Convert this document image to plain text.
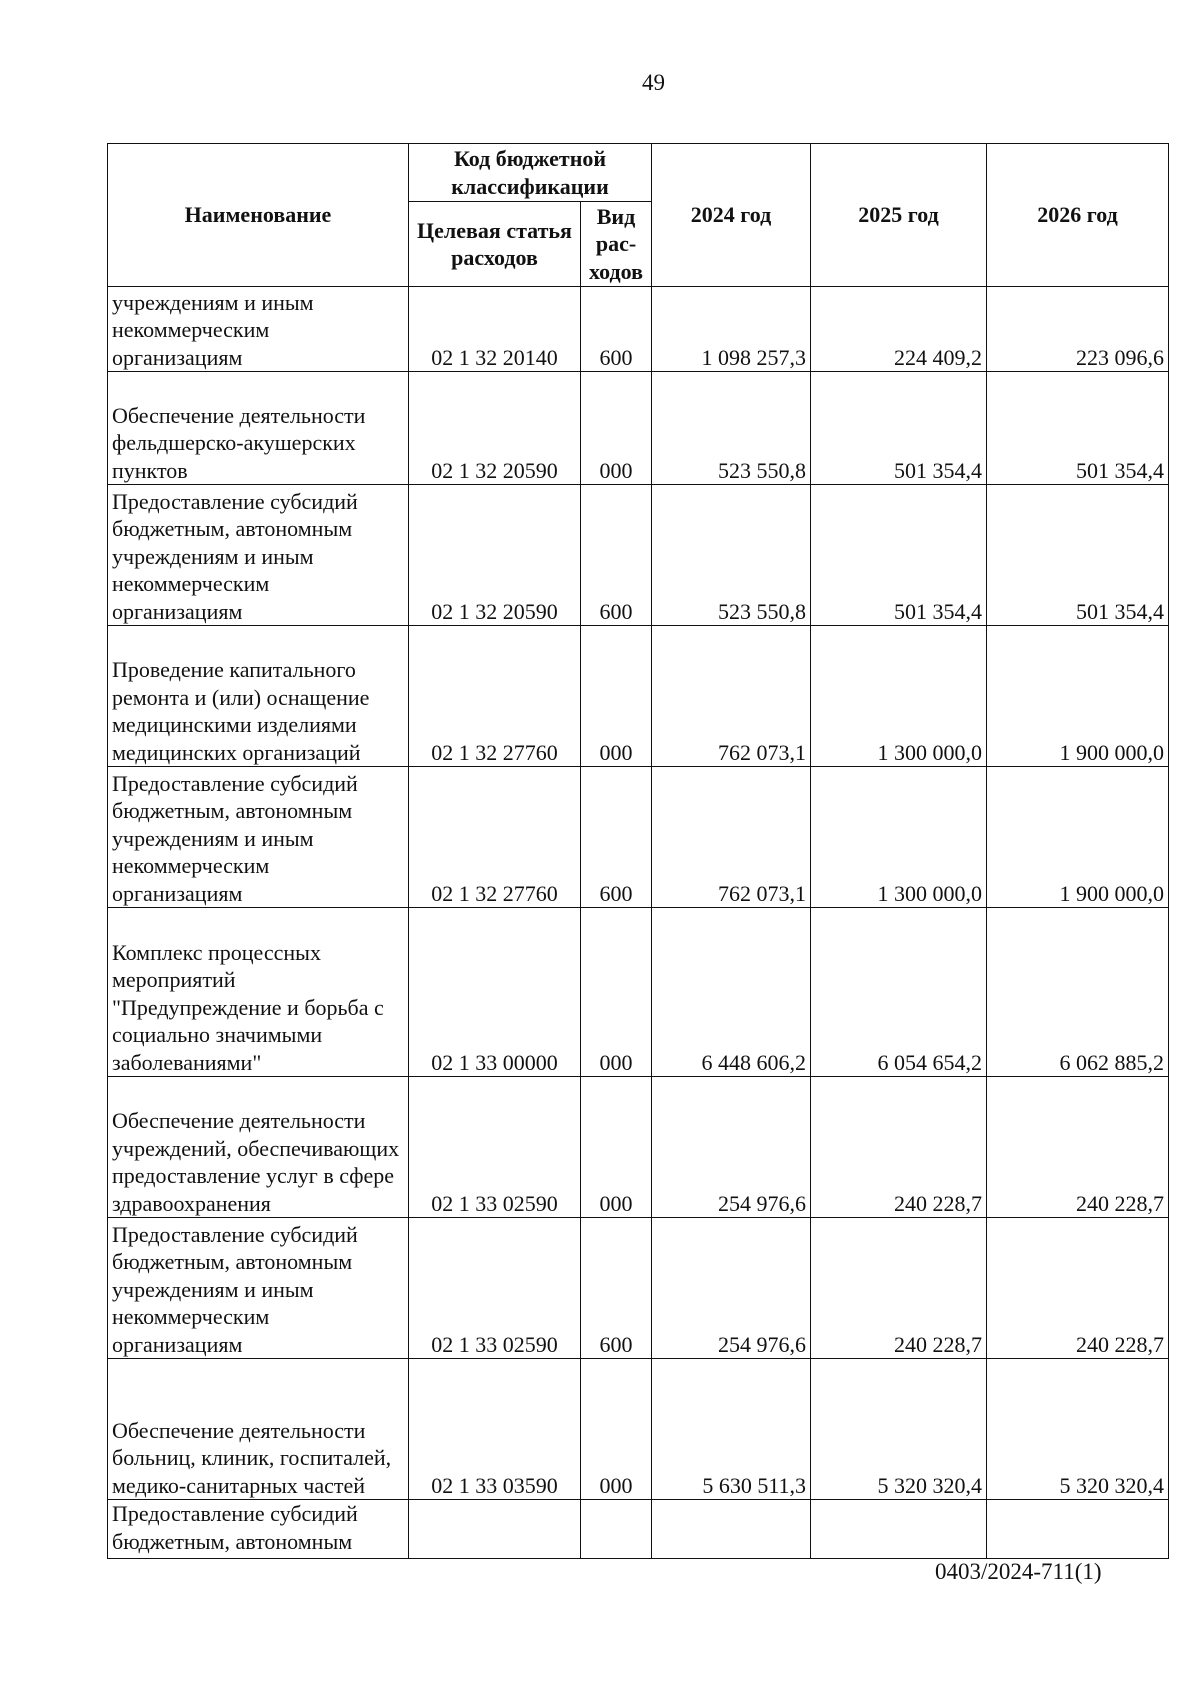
49
Наименование	Код бюджетной классификации		2024 год	2025 год	2026 год
	Целевая статья расходов	Вид рас-ходов			
учреждениям и иным некоммерческим организациям	02 1 32 20140	600	1 098 257,3	224 409,2	223 096,6
Обеспечение деятельности фельдшерско-акушерских пунктов	02 1 32 20590	000	523 550,8	501 354,4	501 354,4
Предоставление субсидий бюджетным, автономным учреждениям и иным некоммерческим организациям	02 1 32 20590	600	523 550,8	501 354,4	501 354,4
Проведение капитального ремонта и (или) оснащение медицинскими изделиями медицинских организаций	02 1 32 27760	000	762 073,1	1 300 000,0	1 900 000,0
Предоставление субсидий бюджетным, автономным учреждениям и иным некоммерческим организациям	02 1 32 27760	600	762 073,1	1 300 000,0	1 900 000,0
Комплекс процессных мероприятий "Предупреждение и борьба с социально значимыми заболеваниями"	02 1 33 00000	000	6 448 606,2	6 054 654,2	6 062 885,2
Обеспечение деятельности учреждений, обеспечивающих предоставление услуг в сфере здравоохранения	02 1 33 02590	000	254 976,6	240 228,7	240 228,7
Предоставление субсидий бюджетным, автономным учреждениям и иным некоммерческим организациям	02 1 33 02590	600	254 976,6	240 228,7	240 228,7
Обеспечение деятельности больниц, клиник, госпиталей, медико-санитарных частей	02 1 33 03590	000	5 630 511,3	5 320 320,4	5 320 320,4
Предоставление субсидий бюджетным, автономным					
0403/2024-711(1)
